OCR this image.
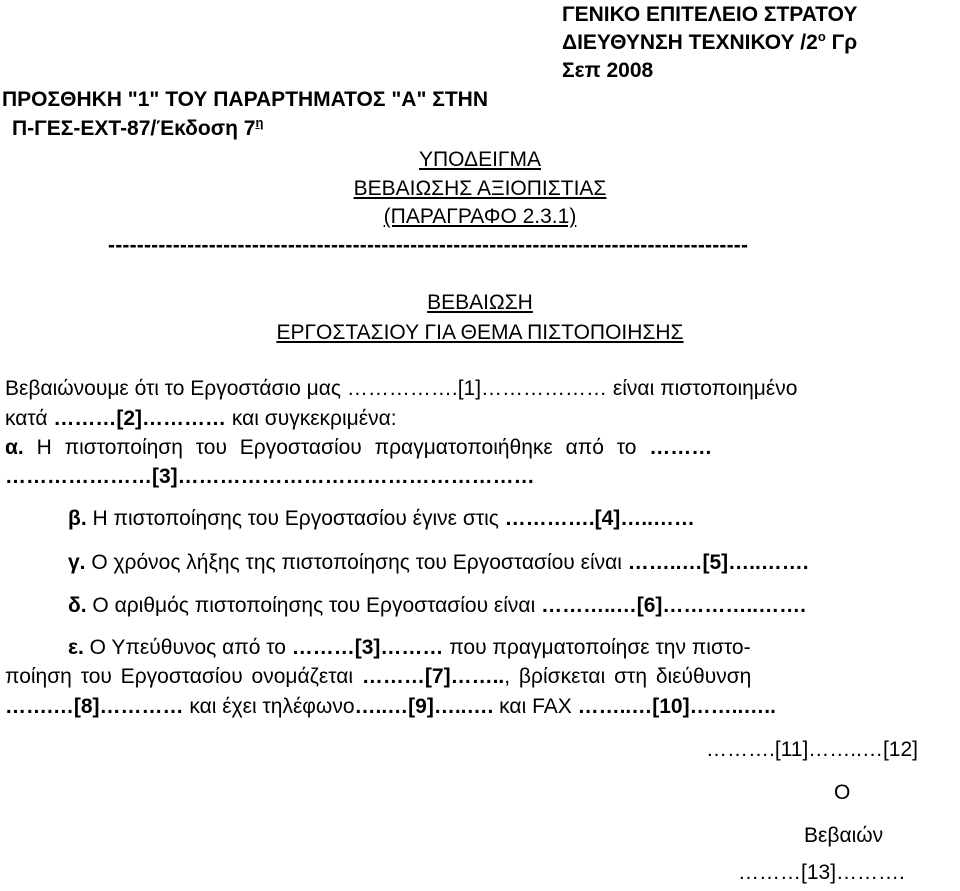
ΓΕΝΙΚΟ ΕΠΙΤΕΛΕΙΟ ΣΤΡΑΤΟΥ
ΔΙΕΥΘΥΝΣΗ ΤΕΧΝΙΚΟΥ $/2^o$ Γρ
Σεπ 2008
ΠΡΟΣΘΗΚΗ "1" ΤΟΥ ΠΑΡΑΡΤΗΜΑΤΟΣ "Α" ΣΤΗΝ
Π-ΓΕΣ-ΕΧΤ-87/Έκδοση $7^\eta$
ΥΠΟΔΕΙΓΜΑ
ΒΕΒΑΙΩΣΗΣ ΑΞΙΟΠΙΣΤΙΑΣ
(ΠΑΡΑΓΡΑΦΟ 2.3.1)
-----------------------------------------------------------------------------------------
ΒΕΒΑΙΩΣΗ
ΕΡΓΟΣΤΑΣΙΟΥ ΓΙΑ ΘΕΜΑ ΠΙΣΤΟΠΟΙΗΣΗΣ
Βεβαιώνουμε ότι το Εργοστάσιο μας …………….[1]……………… είναι πιστοποιημένο
κατά ………[2]………… και συγκεκριμένα:
α. Η πιστοποίηση του Εργοστασίου πραγματοποιήθηκε από το ………
…………………[3]……………………………………………
β. Η πιστοποίησης του Εργοστασίου έγινε στις ………….[4]…..……
γ. Ο χρόνος λήξης της πιστοποίησης του Εργοστασίου είναι ……..…[5]…..…….
δ. Ο αριθμός πιστοποίησης του Εργοστασίου είναι ………..…[6]…………..…….
ε. Ο Υπεύθυνος από το ………[3]……… που πραγματοποίησε την πιστο-
ποίηση του Εργοστασίου ονομάζεται ………[7]…….., βρίσκεται στη διεύθυνση
…….…[8]………… και έχει τηλέφωνο…..…[9]…..…. και FAX ……..…[10]……..…..
……….[11]……..…[12]
Ο
Βεβαιών
………[13]……….
